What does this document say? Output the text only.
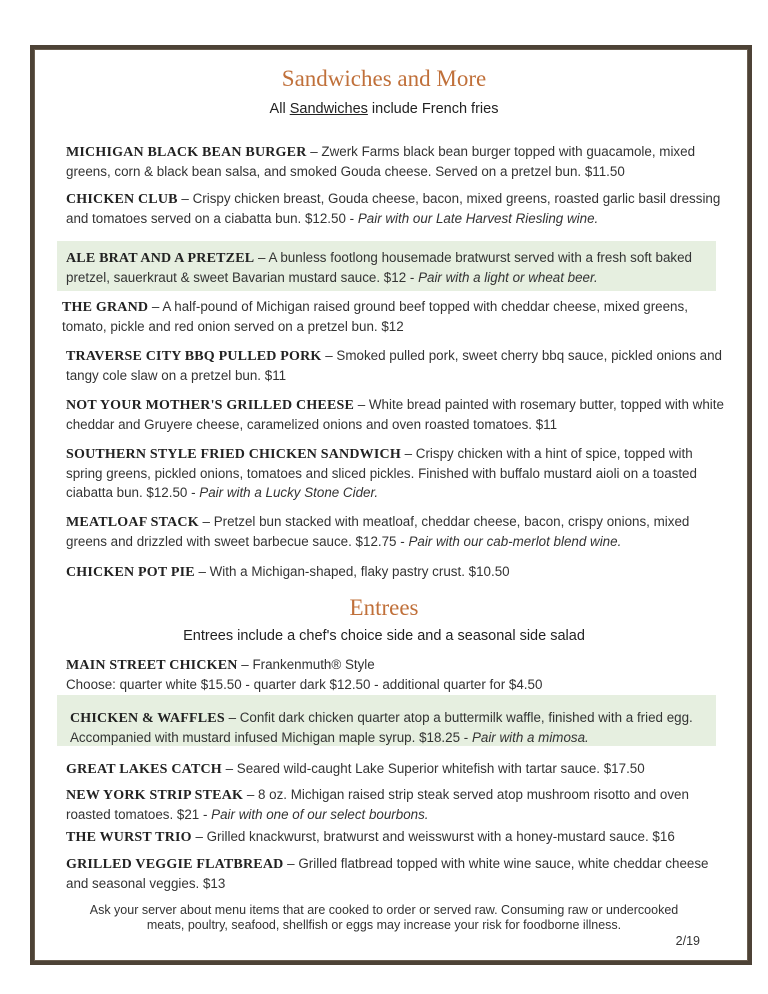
Sandwiches and More
All Sandwiches include French fries
MICHIGAN BLACK BEAN BURGER – Zwerk Farms black bean burger topped with guacamole, mixed greens, corn & black bean salsa, and smoked Gouda cheese. Served on a pretzel bun. $11.50
CHICKEN CLUB – Crispy chicken breast, Gouda cheese, bacon, mixed greens, roasted garlic basil dressing and tomatoes served on a ciabatta bun. $12.50 - Pair with our Late Harvest Riesling wine.
ALE BRAT AND A PRETZEL – A bunless footlong housemade bratwurst served with a fresh soft baked pretzel, sauerkraut & sweet Bavarian mustard sauce. $12 - Pair with a light or wheat beer.
THE GRAND – A half-pound of Michigan raised ground beef topped with cheddar cheese, mixed greens, tomato, pickle and red onion served on a pretzel bun. $12
TRAVERSE CITY BBQ PULLED PORK – Smoked pulled pork, sweet cherry bbq sauce, pickled onions and tangy cole slaw on a pretzel bun. $11
NOT YOUR MOTHER'S GRILLED CHEESE – White bread painted with rosemary butter, topped with white cheddar and Gruyere cheese, caramelized onions and oven roasted tomatoes. $11
SOUTHERN STYLE FRIED CHICKEN SANDWICH – Crispy chicken with a hint of spice, topped with spring greens, pickled onions, tomatoes and sliced pickles. Finished with buffalo mustard aioli on a toasted ciabatta bun. $12.50 - Pair with a Lucky Stone Cider.
MEATLOAF STACK – Pretzel bun stacked with meatloaf, cheddar cheese, bacon, crispy onions, mixed greens and drizzled with sweet barbecue sauce. $12.75 - Pair with our cab-merlot blend wine.
CHICKEN POT PIE – With a Michigan-shaped, flaky pastry crust. $10.50
Entrees
Entrees include a chef's choice side and a seasonal side salad
MAIN STREET CHICKEN – Frankenmuth® Style
Choose: quarter white $15.50 - quarter dark $12.50 - additional quarter for $4.50
CHICKEN & WAFFLES – Confit dark chicken quarter atop a buttermilk waffle, finished with a fried egg. Accompanied with mustard infused Michigan maple syrup. $18.25 - Pair with a mimosa.
GREAT LAKES CATCH – Seared wild-caught Lake Superior whitefish with tartar sauce. $17.50
NEW YORK STRIP STEAK – 8 oz. Michigan raised strip steak served atop mushroom risotto and oven roasted tomatoes. $21 - Pair with one of our select bourbons.
THE WURST TRIO – Grilled knackwurst, bratwurst and weisswurst with a honey-mustard sauce. $16
GRILLED VEGGIE FLATBREAD – Grilled flatbread topped with white wine sauce, white cheddar cheese and seasonal veggies. $13
Ask your server about menu items that are cooked to order or served raw. Consuming raw or undercooked
meats, poultry, seafood, shellfish or eggs may increase your risk for foodborne illness.
2/19
